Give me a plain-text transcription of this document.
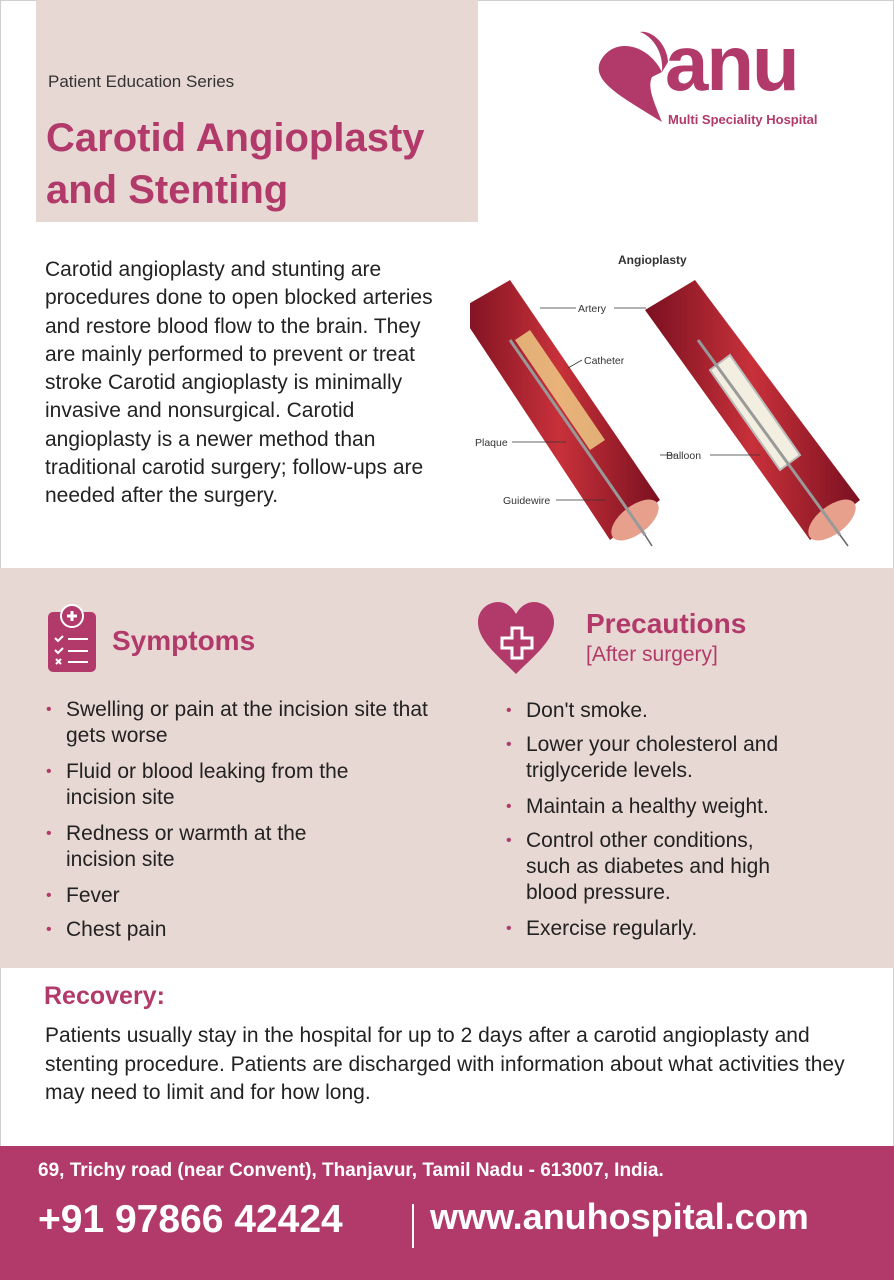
Patient Education Series
Carotid Angioplasty
and Stenting
anu
Multi Speciality Hospital

Carotid angioplasty and stunting are procedures done to open blocked arteries and restore blood flow to the brain. They are mainly performed to prevent or treat stroke Carotid angioplasty is minimally invasive and nonsurgical. Carotid angioplasty is a newer method than traditional carotid surgery; follow-ups are needed after the surgery.

Angioplasty
Artery
Catheter
Plaque
Balloon
Guidewire
Symptoms
Precautions
[After surgery]
• Swelling or pain at the incision site that gets worse
• Fluid or blood leaking from the incision site
• Redness or warmth at the incision site
• Fever
• Chest pain
• Don't smoke.
• Lower your cholesterol and triglyceride levels.
• Maintain a healthy weight.
• Control other conditions, such as diabetes and high blood pressure.
• Exercise regularly.
Recovery:

Patients usually stay in the hospital for up to 2 days after a carotid angioplasty and stenting procedure. Patients are discharged with information about what activities they may need to limit and for how long.

69, Trichy road (near Convent), Thanjavur, Tamil Nadu - 613007, India.
+91 97866 42424 www.anuhospital.com
